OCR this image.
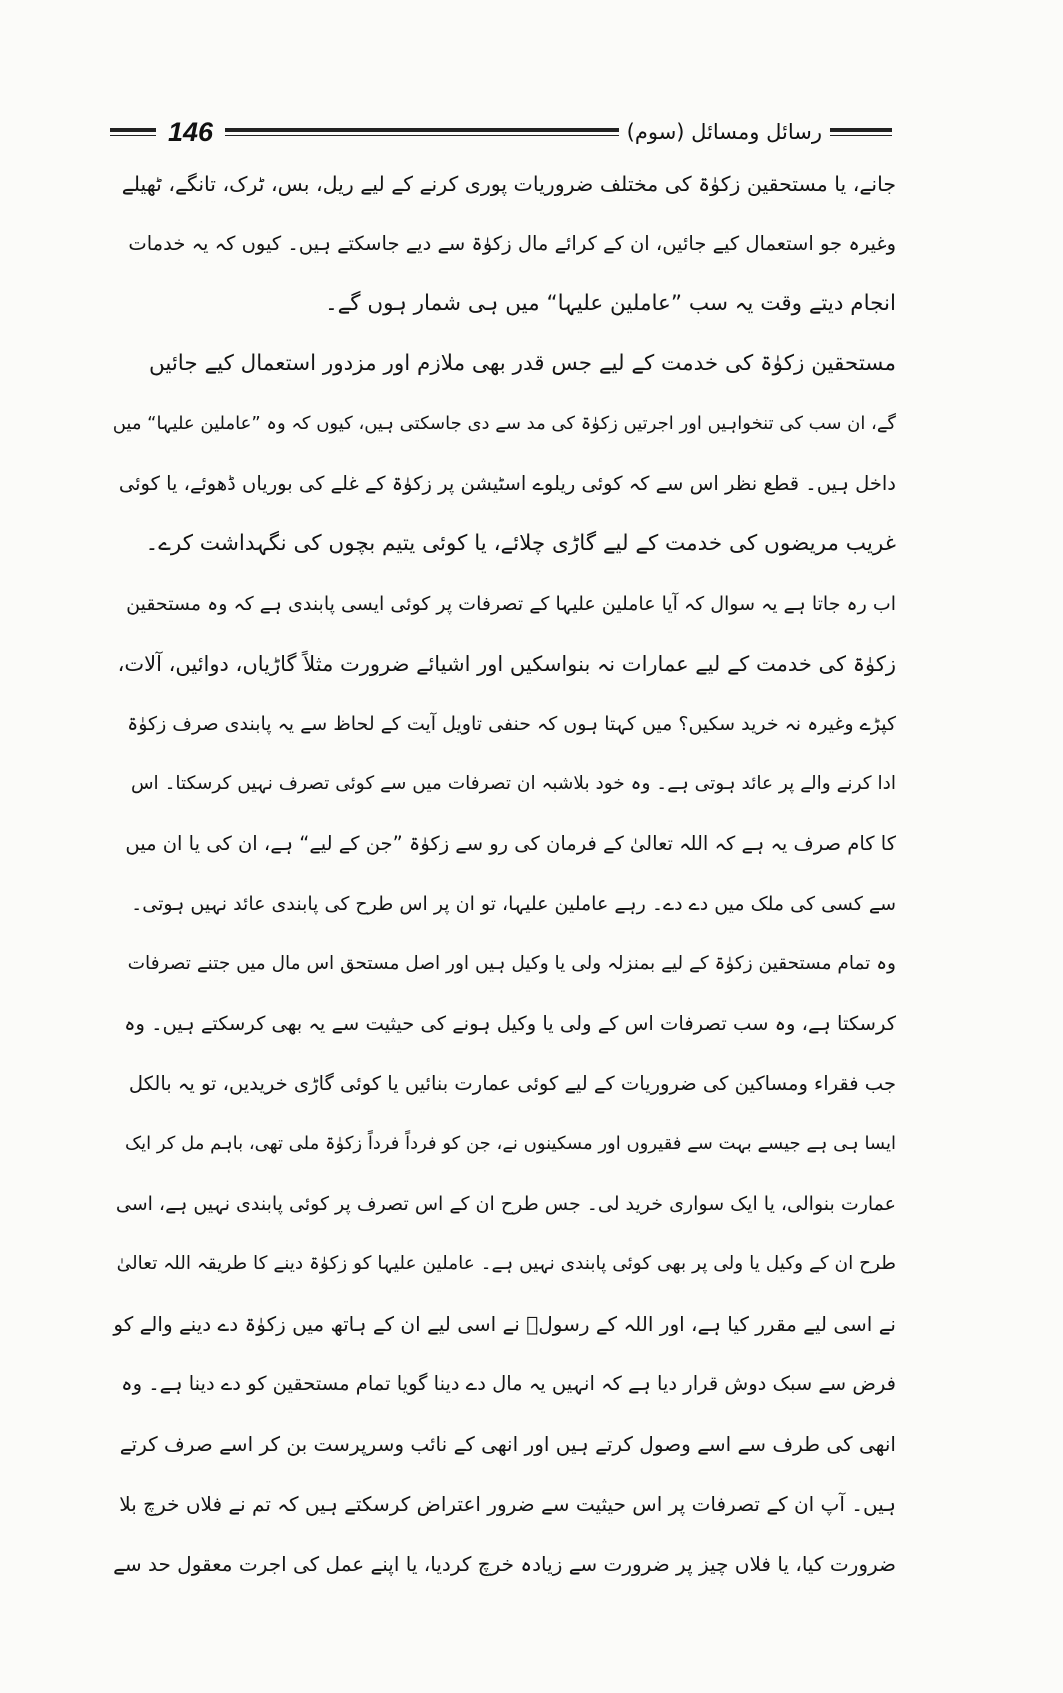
146	رسائل ومسائل (سوم)
جانے، یا مستحقین زکوٰۃ کی مختلف ضروریات پوری کرنے کے لیے ریل، بس، ٹرک، تانگے، ٹھیلے
وغیرہ جو استعمال کیے جائیں، ان کے کرائے مال زکوٰۃ سے دیے جاسکتے ہیں۔ کیوں کہ یہ خدمات
انجام دیتے وقت یہ سب ”عاملین علیہا“ میں ہی شمار ہوں گے۔
مستحقین زکوٰۃ کی خدمت کے لیے جس قدر بھی ملازم اور مزدور استعمال کیے جائیں
گے، ان سب کی تنخواہیں اور اجرتیں زکوٰۃ کی مد سے دی جاسکتی ہیں، کیوں کہ وہ ”عاملین علیہا“ میں
داخل ہیں۔ قطع نظر اس سے کہ کوئی ریلوے اسٹیشن پر زکوٰۃ کے غلے کی بوریاں ڈھوئے، یا کوئی
غریب مریضوں کی خدمت کے لیے گاڑی چلائے، یا کوئی یتیم بچوں کی نگہداشت کرے۔
اب رہ جاتا ہے یہ سوال کہ آیا عاملین علیہا کے تصرفات پر کوئی ایسی پابندی ہے کہ وہ مستحقین
زکوٰۃ کی خدمت کے لیے عمارات نہ بنواسکیں اور اشیائے ضرورت مثلاً گاڑیاں، دوائیں، آلات،
کپڑے وغیرہ نہ خرید سکیں؟ میں کہتا ہوں کہ حنفی تاویل آیت کے لحاظ سے یہ پابندی صرف زکوٰۃ
ادا کرنے والے پر عائد ہوتی ہے۔ وہ خود بلاشبہ ان تصرفات میں سے کوئی تصرف نہیں کرسکتا۔ اس
کا کام صرف یہ ہے کہ اللہ تعالیٰ کے فرمان کی رو سے زکوٰۃ ”جن کے لیے“ ہے، ان کی یا ان میں
سے کسی کی ملک میں دے دے۔ رہے عاملین علیہا، تو ان پر اس طرح کی پابندی عائد نہیں ہوتی۔
وہ تمام مستحقین زکوٰۃ کے لیے بمنزلہ ولی یا وکیل ہیں اور اصل مستحق اس مال میں جتنے تصرفات
کرسکتا ہے، وہ سب تصرفات اس کے ولی یا وکیل ہونے کی حیثیت سے یہ بھی کرسکتے ہیں۔ وہ
جب فقراء ومساکین کی ضروریات کے لیے کوئی عمارت بنائیں یا کوئی گاڑی خریدیں، تو یہ بالکل
ایسا ہی ہے جیسے بہت سے فقیروں اور مسکینوں نے، جن کو فرداً فرداً زکوٰۃ ملی تھی، باہم مل کر ایک
عمارت بنوالی، یا ایک سواری خرید لی۔ جس طرح ان کے اس تصرف پر کوئی پابندی نہیں ہے، اسی
طرح ان کے وکیل یا ولی پر بھی کوئی پابندی نہیں ہے۔ عاملین علیہا کو زکوٰۃ دینے کا طریقہ اللہ تعالیٰ
نے اسی لیے مقرر کیا ہے، اور اللہ کے رسولؐ نے اسی لیے ان کے ہاتھ میں زکوٰۃ دے دینے والے کو
فرض سے سبک دوش قرار دیا ہے کہ انہیں یہ مال دے دینا گویا تمام مستحقین کو دے دینا ہے۔ وہ
انھی کی طرف سے اسے وصول کرتے ہیں اور انھی کے نائب وسرپرست بن کر اسے صرف کرتے
ہیں۔ آپ ان کے تصرفات پر اس حیثیت سے ضرور اعتراض کرسکتے ہیں کہ تم نے فلاں خرچ بلا
ضرورت کیا، یا فلاں چیز پر ضرورت سے زیادہ خرچ کردیا، یا اپنے عمل کی اجرت معقول حد سے
